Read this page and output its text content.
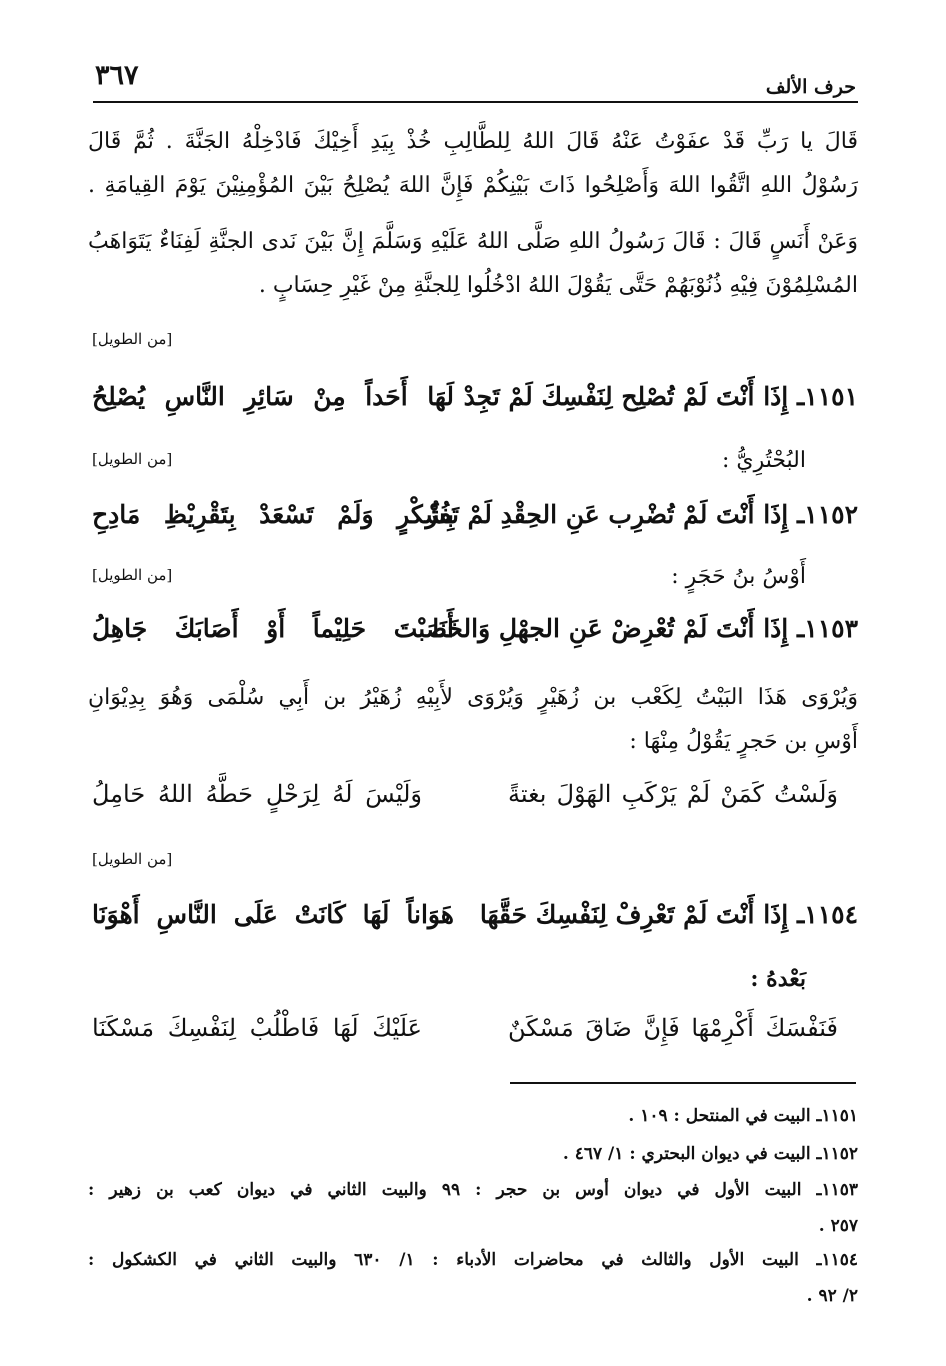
حرف الألف
٣٦٧
قَالَ يا رَبِّ قَدْ عفَوْتُ عَنْهُ قَالَ اللهُ لِلطَّالِبِ خُذْ بِيَدِ أَخِيْكَ فَادْخِلْهُ الجَنَّةَ . ثُمَّ قَالَ
رَسُوْلُ اللهِ اتَّقُوا اللهَ وَأَصْلِحُوا ذَاتَ بَيْنِكُمْ فَإِنَّ اللهَ يُصْلِحُ بَيْنَ المُؤْمِنِيْنَ يَوْمَ القِيامَةِ .
وَعَنْ أَنَسٍ قَالَ : قَالَ رَسُولُ اللهِ صَلَّى اللهُ عَلَيْهِ وَسَلَّمَ إِنَّ بَيْنَ نَدى الجنَّةِ لَفِنَاءٌ يَتَوَاهَبُ
المُسْلِمُوْنَ فِيْهِ ذُنُوْبَهُمْ حَتَّى يَقُوْلَ اللهُ ادْخُلُوا لِلجنَّةِ مِنْ غَيْرِ حِسَابٍ .
[من الطويل]
١١٥١ـ إِذَا أَنْتَ لَمْ تُصْلِح لِنَفْسِكَ لَمْ تَجِدْ
لَهَا أَحَداً مِنْ سَائِرِ النَّاسِ يُصْلِحُ
البُحْتُرِيُّ :
[من الطويل]
١١٥٢ـ إِذَا أَنْتَ لَمْ تُضْرِب عَنِ الحِقْدِ لَمْ تَفُزْ
بِشُكْرٍ وَلَمْ تَسْعَدْ بِتَقْرِيْظِ مَادِحِ
أَوْسُ بنُ حَجَرٍ :
[من الطويل]
١١٥٣ـ إِذَا أَنْتَ لَمْ تُعْرِضْ عَنِ الجهْلِ وَالخَنَا
أَصَبْتَ حَلِيْماً أَوْ أَصَابَكَ جَاهِلُ
وَيُرْوَى هَذَا البَيْتُ لِكَعْب بن زُهَيْرٍ وَيُرْوَى لأَبِيْهِ زُهَيْرُ بن أَبِي سُلْمَى وَهُوَ بِدِيْوَانِ
أَوْسِ بن حَجرٍ يَقُوْلُ مِنْهَا :
وَلَسْتُ كَمَنْ لَمْ يَرْكَبِ الهَوْلَ بغتةً
وَلَيْسَ لَهُ لِرَحْلٍ حَطَّهُ اللهُ حَامِلُ
[من الطويل]
١١٥٤ـ إِذَا أَنْتَ لَمْ تَعْرِفْ لِنَفْسِكَ حَقَّهَا
هَوَاناً لَهَا كَانَتْ عَلَى النَّاسِ أَهْوَنَا
بَعْدهُ :
فَنَفْسَكَ أَكْرِمْهَا فَإِنَّ ضَاقَ مَسْكَنٌ
عَلَيْكَ لَهَا فَاطْلُبْ لِنَفْسِكَ مَسْكَنَا
١١٥١ـ البيت في المنتحل : ١٠٩ .
١١٥٢ـ البيت في ديوان البحتري : ١/ ٤٦٧ .
١١٥٣ـ البيت الأول في ديوان أوس بن حجر : ٩٩ والبيت الثاني في ديوان كعب بن زهير :
٢٥٧ .
١١٥٤ـ البيت الأول والثالث في محاضرات الأدباء : ١/ ٦٣٠ والبيت الثاني في الكشكول :
٢/ ٩٢ .
